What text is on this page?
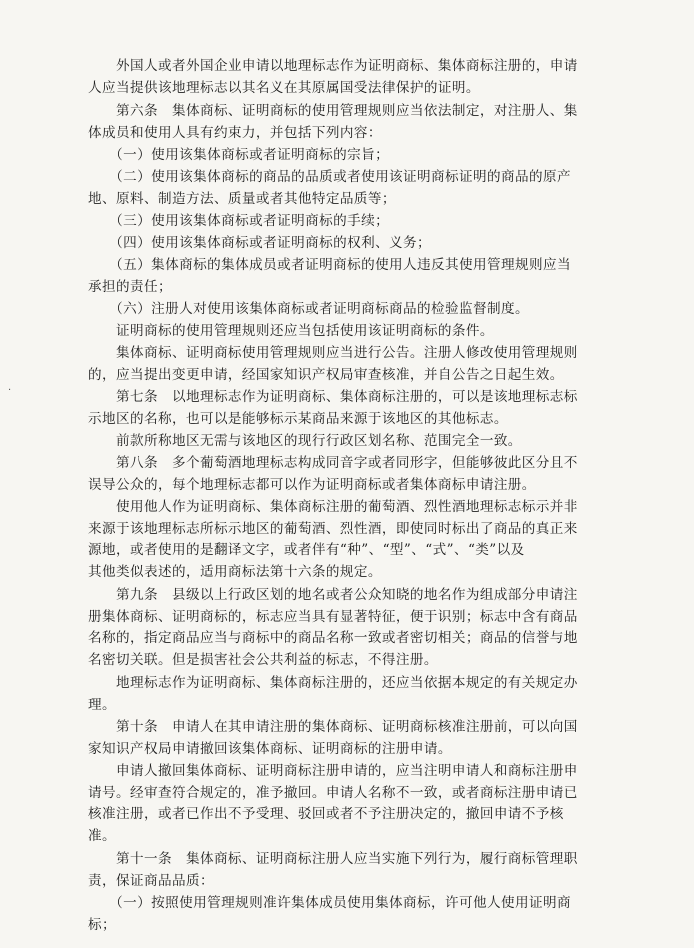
　　外国人或者外国企业申请以地理标志作为证明商标、集体商标注册的，申请
人应当提供该地理标志以其名义在其原属国受法律保护的证明。
　　第六条　集体商标、证明商标的使用管理规则应当依法制定，对注册人、集
体成员和使用人具有约束力，并包括下列内容：
　　（一）使用该集体商标或者证明商标的宗旨；
　　（二）使用该集体商标的商品的品质或者使用该证明商标证明的商品的原产
地、原料、制造方法、质量或者其他特定品质等；
　　（三）使用该集体商标或者证明商标的手续；
　　（四）使用该集体商标或者证明商标的权利、义务；
　　（五）集体商标的集体成员或者证明商标的使用人违反其使用管理规则应当
承担的责任；
　　（六）注册人对使用该集体商标或者证明商标商品的检验监督制度。
　　证明商标的使用管理规则还应当包括使用该证明商标的条件。
　　集体商标、证明商标使用管理规则应当进行公告。注册人修改使用管理规则
的，应当提出变更申请，经国家知识产权局审查核准，并自公告之日起生效。
　　第七条　以地理标志作为证明商标、集体商标注册的，可以是该地理标志标
示地区的名称，也可以是能够标示某商品来源于该地区的其他标志。
　　前款所称地区无需与该地区的现行行政区划名称、范围完全一致。
　　第八条　多个葡萄酒地理标志构成同音字或者同形字，但能够彼此区分且不
误导公众的，每个地理标志都可以作为证明商标或者集体商标申请注册。
　　使用他人作为证明商标、集体商标注册的葡萄酒、烈性酒地理标志标示并非
来源于该地理标志所标示地区的葡萄酒、烈性酒，即使同时标出了商品的真正来
源地，或者使用的是翻译文字，或者伴有“种”、“型”、“式”、“类”以及
其他类似表述的，适用商标法第十六条的规定。
　　第九条　县级以上行政区划的地名或者公众知晓的地名作为组成部分申请注
册集体商标、证明商标的，标志应当具有显著特征，便于识别；标志中含有商品
名称的，指定商品应当与商标中的商品名称一致或者密切相关；商品的信誉与地
名密切关联。但是损害社会公共利益的标志，不得注册。
　　地理标志作为证明商标、集体商标注册的，还应当依据本规定的有关规定办
理。
　　第十条　申请人在其申请注册的集体商标、证明商标核准注册前，可以向国
家知识产权局申请撤回该集体商标、证明商标的注册申请。
　　申请人撤回集体商标、证明商标注册申请的，应当注明申请人和商标注册申
请号。经审查符合规定的，准予撤回。申请人名称不一致，或者商标注册申请已
核准注册，或者已作出不予受理、驳回或者不予注册决定的，撤回申请不予核
准。
　　第十一条　集体商标、证明商标注册人应当实施下列行为，履行商标管理职
责，保证商品品质：
　　（一）按照使用管理规则准许集体成员使用集体商标，许可他人使用证明商
标；
·
